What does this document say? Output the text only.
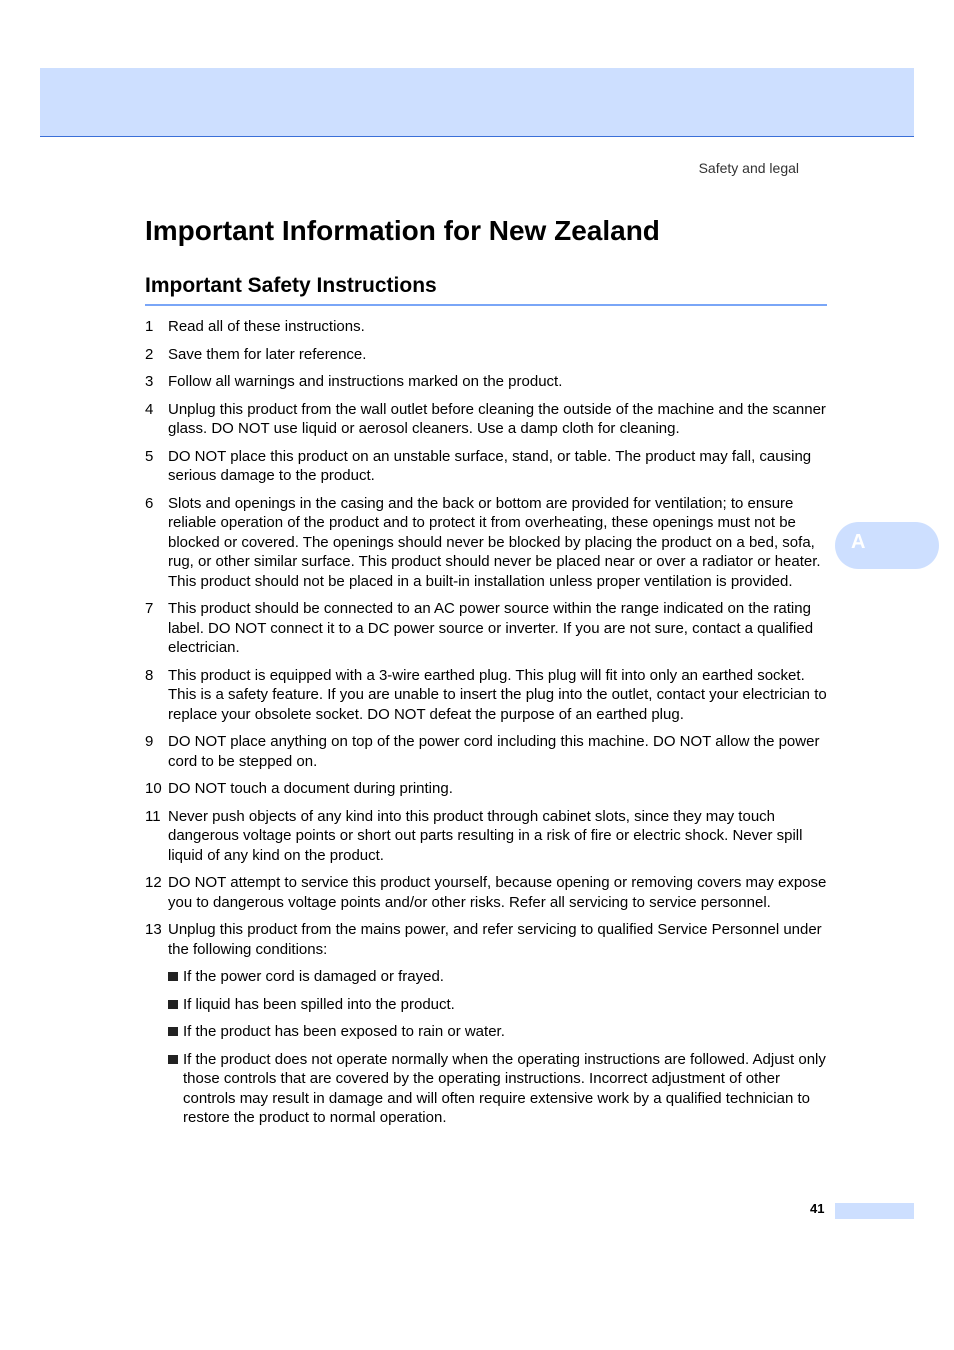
Safety and legal
Important Information for New Zealand
Important Safety Instructions
1 Read all of these instructions.
2 Save them for later reference.
3 Follow all warnings and instructions marked on the product.
4 Unplug this product from the wall outlet before cleaning the outside of the machine and the scanner glass. DO NOT use liquid or aerosol cleaners. Use a damp cloth for cleaning.
5 DO NOT place this product on an unstable surface, stand, or table. The product may fall, causing serious damage to the product.
6 Slots and openings in the casing and the back or bottom are provided for ventilation; to ensure reliable operation of the product and to protect it from overheating, these openings must not be blocked or covered. The openings should never be blocked by placing the product on a bed, sofa, rug, or other similar surface. This product should never be placed near or over a radiator or heater. This product should not be placed in a built-in installation unless proper ventilation is provided.
7 This product should be connected to an AC power source within the range indicated on the rating label. DO NOT connect it to a DC power source or inverter. If you are not sure, contact a qualified electrician.
8 This product is equipped with a 3-wire earthed plug. This plug will fit into only an earthed socket. This is a safety feature. If you are unable to insert the plug into the outlet, contact your electrician to replace your obsolete socket. DO NOT defeat the purpose of an earthed plug.
9 DO NOT place anything on top of the power cord including this machine. DO NOT allow the power cord to be stepped on.
10 DO NOT touch a document during printing.
11 Never push objects of any kind into this product through cabinet slots, since they may touch dangerous voltage points or short out parts resulting in a risk of fire or electric shock. Never spill liquid of any kind on the product.
12 DO NOT attempt to service this product yourself, because opening or removing covers may expose you to dangerous voltage points and/or other risks. Refer all servicing to service personnel.
13 Unplug this product from the mains power, and refer servicing to qualified Service Personnel under the following conditions:
If the power cord is damaged or frayed.
If liquid has been spilled into the product.
If the product has been exposed to rain or water.
If the product does not operate normally when the operating instructions are followed. Adjust only those controls that are covered by the operating instructions. Incorrect adjustment of other controls may result in damage and will often require extensive work by a qualified technician to restore the product to normal operation.
A
41
